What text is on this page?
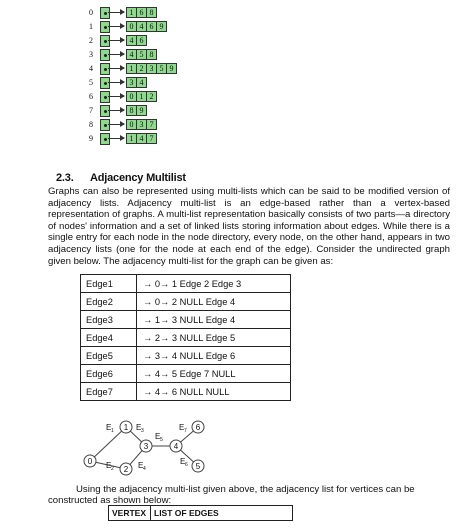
0	1 6 8
1	0 4 6 9
2	4 6
3	4 5 8
4	1 2 3 5 9
5	3 4
6	0 1 2
7	8 9
8	0 3 7
9	1 4 7
2.3. Adjacency Multilist

Graphs can also be represented using multi-lists which can be said to be modified version of adjacency lists. Adjacency multi-list is an edge-based rather than a vertex-based representation of graphs. A multi-list representation basically consists of two parts—a directory of nodes' information and a set of linked lists storing information about edges. While there is a single entry for each node in the node directory, every node, on the other hand, appears in two adjacency lists (one for the node at each end of the edge). Consider the undirected graph given below. The adjacency multi-list for the graph can be given as:

Edge1	→ 0→ 1 Edge 2 Edge 3
Edge2	→ 0→ 2 NULL Edge 4
Edge3	→ 1→ 3 NULL Edge 4
Edge4	→ 2→ 3 NULL Edge 5
Edge5	→ 3→ 4 NULL Edge 6
Edge6	→ 4→ 5 Edge 7 NULL
Edge7	→ 4→ 6 NULL NULL
0
1
2
3	4
5
6
E 1	E 3
E 5
E 7
E 2	E 4
E 6

Using the adjacency multi-list given above, the adjacency list for vertices can be constructed as shown below:

VERTEX	LIST OF EDGES
